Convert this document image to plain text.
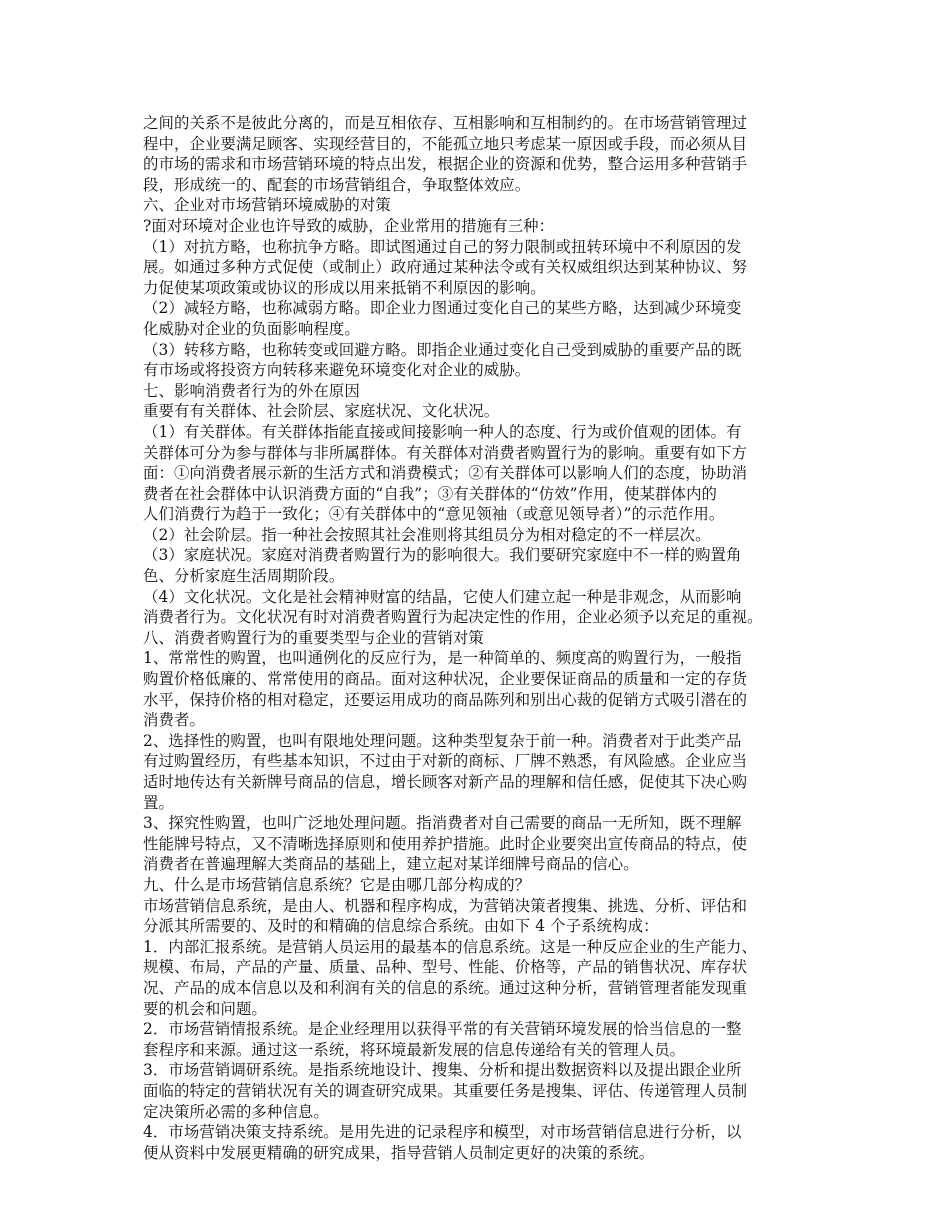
之间的关系不是彼此分离的，而是互相依存、互相影响和互相制约的。在市场营销管理过
程中，企业要满足顾客、实现经营目的，不能孤立地只考虑某一原因或手段，而必须从目
的市场的需求和市场营销环境的特点出发，根据企业的资源和优势，整合运用多种营销手
段，形成统一的、配套的市场营销组合，争取整体效应。
六、企业对市场营销环境威胁的对策
?面对环境对企业也许导致的威胁，企业常用的措施有三种：
（1）对抗方略，也称抗争方略。即试图通过自己的努力限制或扭转环境中不利原因的发
展。如通过多种方式促使（或制止）政府通过某种法令或有关权威组织达到某种协议、努
力促使某项政策或协议的形成以用来抵销不利原因的影响。
（2）减轻方略，也称减弱方略。即企业力图通过变化自己的某些方略，达到减少环境变
化威胁对企业的负面影响程度。
（3）转移方略，也称转变或回避方略。即指企业通过变化自己受到威胁的重要产品的既
有市场或将投资方向转移来避免环境变化对企业的威胁。
七、影响消费者行为的外在原因
重要有有关群体、社会阶层、家庭状况、文化状况。
（1）有关群体。有关群体指能直接或间接影响一种人的态度、行为或价值观的团体。有
关群体可分为参与群体与非所属群体。有关群体对消费者购置行为的影响。重要有如下方
面：①向消费者展示新的生活方式和消费模式；②有关群体可以影响人们的态度，协助消
费者在社会群体中认识消费方面的“自我”；③有关群体的“仿效”作用，使某群体内的
人们消费行为趋于一致化；④有关群体中的“意见领袖（或意见领导者）”的示范作用。
（2）社会阶层。指一种社会按照其社会准则将其组员分为相对稳定的不一样层次。
（3）家庭状况。家庭对消费者购置行为的影响很大。我们要研究家庭中不一样的购置角
色、分析家庭生活周期阶段。
（4）文化状况。文化是社会精神财富的结晶，它使人们建立起一种是非观念，从而影响
消费者行为。文化状况有时对消费者购置行为起决定性的作用，企业必须予以充足的重视。
八、消费者购置行为的重要类型与企业的营销对策
1、常常性的购置，也叫通例化的反应行为，是一种简单的、频度高的购置行为，一般指
购置价格低廉的、常常使用的商品。面对这种状况，企业要保证商品的质量和一定的存货
水平，保持价格的相对稳定，还要运用成功的商品陈列和别出心裁的促销方式吸引潜在的
消费者。
2、选择性的购置，也叫有限地处理问题。这种类型复杂于前一种。消费者对于此类产品
有过购置经历，有些基本知识，不过由于对新的商标、厂牌不熟悉，有风险感。企业应当
适时地传达有关新牌号商品的信息，增长顾客对新产品的理解和信任感，促使其下决心购
置。
3、探究性购置，也叫广泛地处理问题。指消费者对自己需要的商品一无所知，既不理解
性能牌号特点，又不清晰选择原则和使用养护措施。此时企业要突出宣传商品的特点，使
消费者在普遍理解大类商品的基础上，建立起对某详细牌号商品的信心。
九、什么是市场营销信息系统？它是由哪几部分构成的？
市场营销信息系统，是由人、机器和程序构成，为营销决策者搜集、挑选、分析、评估和
分派其所需要的、及时的和精确的信息综合系统。由如下 4 个子系统构成：
1．内部汇报系统。是营销人员运用的最基本的信息系统。这是一种反应企业的生产能力、
规模、布局，产品的产量、质量、品种、型号、性能、价格等，产品的销售状况、库存状
况、产品的成本信息以及和利润有关的信息的系统。通过这种分析，营销管理者能发现重
要的机会和问题。
2．市场营销情报系统。是企业经理用以获得平常的有关营销环境发展的恰当信息的一整
套程序和来源。通过这一系统，将环境最新发展的信息传递给有关的管理人员。
3．市场营销调研系统。是指系统地设计、搜集、分析和提出数据资料以及提出跟企业所
面临的特定的营销状况有关的调查研究成果。其重要任务是搜集、评估、传递管理人员制
定决策所必需的多种信息。
4．市场营销决策支持系统。是用先进的记录程序和模型，对市场营销信息进行分析，以
便从资料中发展更精确的研究成果，指导营销人员制定更好的决策的系统。
